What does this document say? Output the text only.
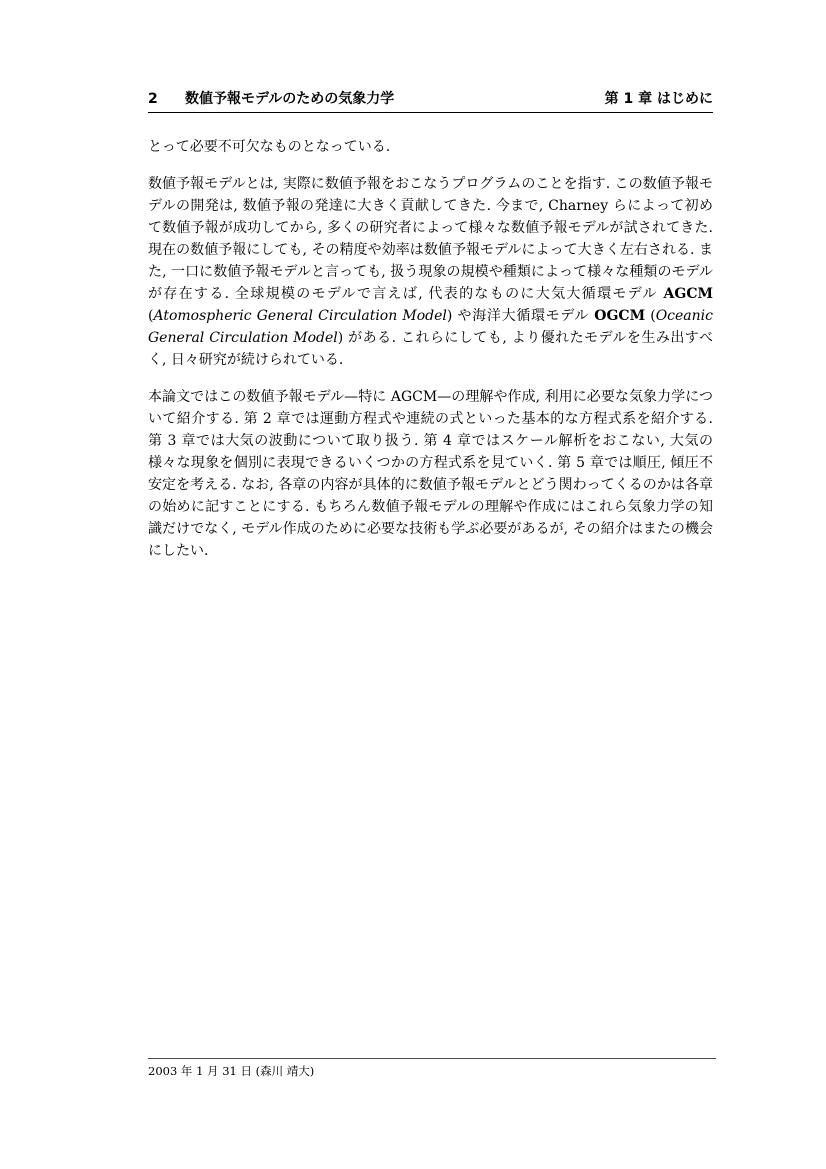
2 数値予報モデルのための気象力学	第 1 章 はじめに

とって必要不可欠なものとなっている.

数値予報モデルとは, 実際に数値予報をおこなうプログラムのことを指す. この数値予報モデルの開発は, 数値予報の発達に大きく貢献してきた. 今まで, Charney らによって初めて数値予報が成功してから, 多くの研究者によって様々な数値予報モデルが試されてきた. 現在の数値予報にしても, その精度や効率は数値予報モデルによって大きく左右される. また, 一口に数値予報モデルと言っても, 扱う現象の規模や種類によって様々な種類のモデルが存在する. 全球規模のモデルで言えば, 代表的なものに大気大循環モデル AGCM (Atomospheric General Circulation Model) や海洋大循環モデル OGCM (Oceanic General Circulation Model) がある. これらにしても, より優れたモデルを生み出すべく, 日々研究が続けられている.

本論文ではこの数値予報モデル—特に AGCM—の理解や作成, 利用に必要な気象力学について紹介する. 第 2 章では運動方程式や連続の式といった基本的な方程式系を紹介する. 第 3 章では大気の波動について取り扱う. 第 4 章ではスケール解析をおこない, 大気の様々な現象を個別に表現できるいくつかの方程式系を見ていく. 第 5 章では順圧, 傾圧不安定を考える. なお, 各章の内容が具体的に数値予報モデルとどう関わってくるのかは各章の始めに記すことにする. もちろん数値予報モデルの理解や作成にはこれら気象力学の知識だけでなく, モデル作成のために必要な技術も学ぶ必要があるが, その紹介はまたの機会にしたい.

2003 年 1 月 31 日 (森川 靖大)
